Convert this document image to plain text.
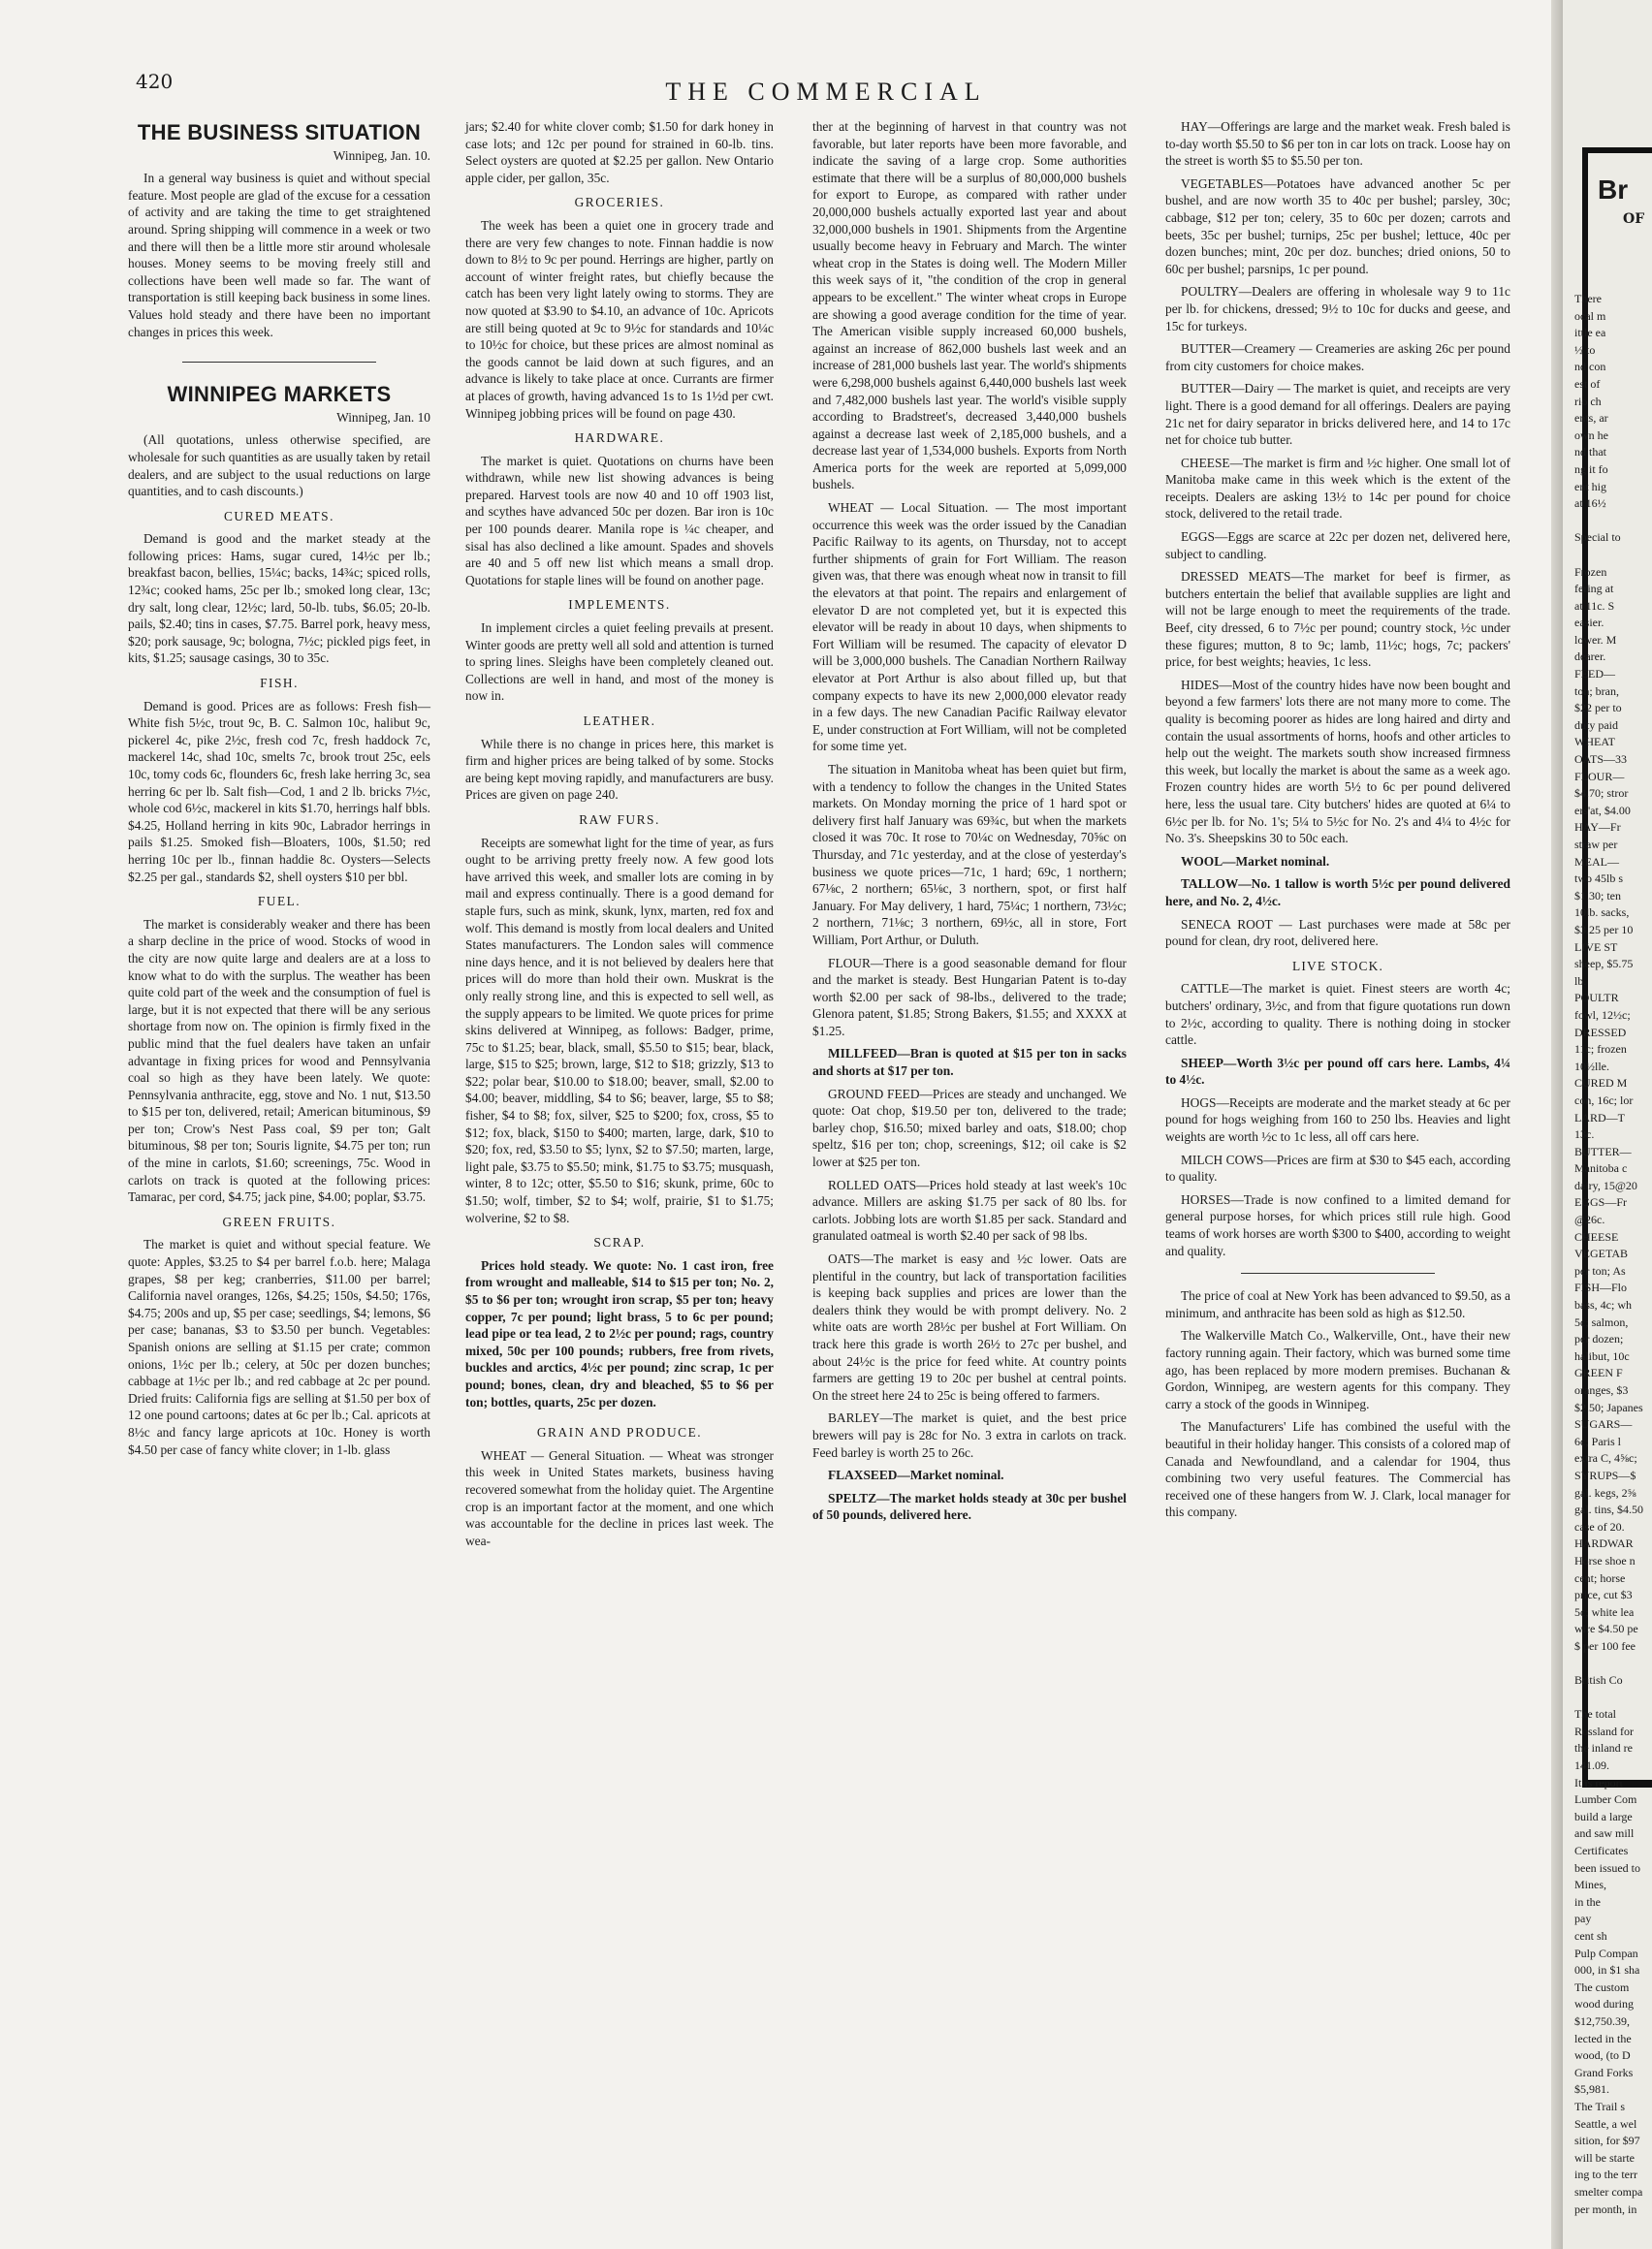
420	THE COMMERCIAL
THE BUSINESS SITUATION
Winnipeg, Jan. 10.

In a general way business is quiet and without special feature. Most people are glad of the excuse for a cessation of activity and are taking the time to get straightened around. Spring shipping will commence in a week or two and there will then be a little more stir around wholesale houses. Money seems to be moving freely still and collections have been well made so far. The want of transportation is still keeping back business in some lines. Values hold steady and there have been no important changes in prices this week.

WINNIPEG MARKETS
Winnipeg, Jan. 10

(All quotations, unless otherwise specified, are wholesale for such quantities as are usually taken by retail dealers, and are subject to the usual reductions on large quantities, and to cash discounts.)

CURED MEATS.

Demand is good and the market steady at the following prices: Hams, sugar cured, 14½c per lb.; breakfast bacon, bellies, 15¼c; backs, 14¾c; spiced rolls, 12¾c; cooked hams, 25c per lb.; smoked long clear, 13c; dry salt, long clear, 12½c; lard, 50-lb. tubs, $6.05; 20-lb. pails, $2.40; tins in cases, $7.75. Barrel pork, heavy mess, $20; pork sausage, 9c; bologna, 7½c; pickled pigs feet, in kits, $1.25; sausage casings, 30 to 35c.

FISH.

Demand is good. Prices are as follows: Fresh fish—White fish 5½c, trout 9c, B. C. Salmon 10c, halibut 9c, pickerel 4c, pike 2½c, fresh cod 7c, fresh haddock 7c, mackerel 14c, shad 10c, smelts 7c, brook trout 25c, eels 10c, tomy cods 6c, flounders 6c, fresh lake herring 3c, sea herring 6c per lb. Salt fish—Cod, 1 and 2 lb. bricks 7½c, whole cod 6½c, mackerel in kits $1.70, herrings half bbls. $4.25, Holland herring in kits 90c, Labrador herrings in pails $1.25. Smoked fish—Bloaters, 100s, $1.50; red herring 10c per lb., finnan haddie 8c. Oysters—Selects $2.25 per gal., standards $2, shell oysters $10 per bbl.

FUEL.

The market is considerably weaker and there has been a sharp decline in the price of wood. Stocks of wood in the city are now quite large and dealers are at a loss to know what to do with the surplus. The weather has been quite cold part of the week and the consumption of fuel is large, but it is not expected that there will be any serious shortage from now on. The opinion is firmly fixed in the public mind that the fuel dealers have taken an unfair advantage in fixing prices for wood and Pennsylvania coal so high as they have been lately. We quote: Pennsylvania anthracite, egg, stove and No. 1 nut, $13.50 to $15 per ton, delivered, retail; American bituminous, $9 per ton; Crow's Nest Pass coal, $9 per ton; Galt bituminous, $8 per ton; Souris lignite, $4.75 per ton; run of the mine in carlots, $1.60; screenings, 75c. Wood in carlots on track is quoted at the following prices: Tamarac, per cord, $4.75; jack pine, $4.00; poplar, $3.75.

GREEN FRUITS.

The market is quiet and without special feature. We quote: Apples, $3.25 to $4 per barrel f.o.b. here; Malaga grapes, $8 per keg; cranberries, $11.00 per barrel; California navel oranges, 126s, $4.25; 150s, $4.50; 176s, $4.75; 200s and up, $5 per case; seedlings, $4; lemons, $6 per case; bananas, $3 to $3.50 per bunch. Vegetables: Spanish onions are selling at $1.15 per crate; common onions, 1½c per lb.; celery, at 50c per dozen bunches; cabbage at 1½c per lb.; and red cabbage at 2c per pound. Dried fruits: California figs are selling at $1.50 per box of 12 one pound cartoons; dates at 6c per lb.; Cal. apricots at 8½c and fancy large apricots at 10c. Honey is worth $4.50 per case of fancy white clover; in 1-lb. glass

jars; $2.40 for white clover comb; $1.50 for dark honey in case lots; and 12c per pound for strained in 60-lb. tins. Select oysters are quoted at $2.25 per gallon. New Ontario apple cider, per gallon, 35c.

GROCERIES.

The week has been a quiet one in grocery trade and there are very few changes to note. Finnan haddie is now down to 8½ to 9c per pound. Herrings are higher, partly on account of winter freight rates, but chiefly because the catch has been very light lately owing to storms. They are now quoted at $3.90 to $4.10, an advance of 10c. Apricots are still being quoted at 9c to 9½c for standards and 10¼c to 10½c for choice, but these prices are almost nominal as the goods cannot be laid down at such figures, and an advance is likely to take place at once. Currants are firmer at places of growth, having advanced 1s to 1s 1½d per cwt. Winnipeg jobbing prices will be found on page 430.

HARDWARE.

The market is quiet. Quotations on churns have been withdrawn, while new list showing advances is being prepared. Harvest tools are now 40 and 10 off 1903 list, and scythes have advanced 50c per dozen. Bar iron is 10c per 100 pounds dearer. Manila rope is ¼c cheaper, and sisal has also declined a like amount. Spades and shovels are 40 and 5 off new list which means a small drop. Quotations for staple lines will be found on another page.

IMPLEMENTS.

In implement circles a quiet feeling prevails at present. Winter goods are pretty well all sold and attention is turned to spring lines. Sleighs have been completely cleaned out. Collections are well in hand, and most of the money is now in.

LEATHER.

While there is no change in prices here, this market is firm and higher prices are being talked of by some. Stocks are being kept moving rapidly, and manufacturers are busy. Prices are given on page 240.

RAW FURS.

Receipts are somewhat light for the time of year, as furs ought to be arriving pretty freely now. A few good lots have arrived this week, and smaller lots are coming in by mail and express continually. There is a good demand for staple furs, such as mink, skunk, lynx, marten, red fox and wolf. This demand is mostly from local dealers and United States manufacturers. The London sales will commence nine days hence, and it is not believed by dealers here that prices will do more than hold their own. Muskrat is the only really strong line, and this is expected to sell well, as the supply appears to be limited. We quote prices for prime skins delivered at Winnipeg, as follows: Badger, prime, 75c to $1.25; bear, black, small, $5.50 to $15; bear, black, large, $15 to $25; brown, large, $12 to $18; grizzly, $13 to $22; polar bear, $10.00 to $18.00; beaver, small, $2.00 to $4.00; beaver, middling, $4 to $6; beaver, large, $5 to $8; fisher, $4 to $8; fox, silver, $25 to $200; fox, cross, $5 to $12; fox, black, $150 to $400; marten, large, dark, $10 to $20; fox, red, $3.50 to $5; lynx, $2 to $7.50; marten, large, light pale, $3.75 to $5.50; mink, $1.75 to $3.75; musquash, winter, 8 to 12c; otter, $5.50 to $16; skunk, prime, 60c to $1.50; wolf, timber, $2 to $4; wolf, prairie, $1 to $1.75; wolverine, $2 to $8.

SCRAP.

Prices hold steady. We quote: No. 1 cast iron, free from wrought and malleable, $14 to $15 per ton; No. 2, $5 to $6 per ton; wrought iron scrap, $5 per ton; heavy copper, 7c per pound; light brass, 5 to 6c per pound; lead pipe or tea lead, 2 to 2½c per pound; rags, country mixed, 50c per 100 pounds; rubbers, free from rivets, buckles and arctics, 4½c per pound; zinc scrap, 1c per pound; bones, clean, dry and bleached, $5 to $6 per ton; bottles, quarts, 25c per dozen.

GRAIN AND PRODUCE.

WHEAT — General Situation. — Wheat was stronger this week in United States markets, business having recovered somewhat from the holiday quiet. The Argentine crop is an important factor at the moment, and one which was accountable for the decline in prices last week. The wea-

ther at the beginning of harvest in that country was not favorable, but later reports have been more favorable, and indicate the saving of a large crop. Some authorities estimate that there will be a surplus of 80,000,000 bushels for export to Europe, as compared with rather under 20,000,000 bushels actually exported last year and about 32,000,000 bushels in 1901. Shipments from the Argentine usually become heavy in February and March. The winter wheat crop in the States is doing well. The Modern Miller this week says of it, "the condition of the crop in general appears to be excellent." The winter wheat crops in Europe are showing a good average condition for the time of year. The American visible supply increased 60,000 bushels, against an increase of 862,000 bushels last week and an increase of 281,000 bushels last year. The world's shipments were 6,298,000 bushels against 6,440,000 bushels last week and 7,482,000 bushels last year. The world's visible supply according to Bradstreet's, decreased 3,440,000 bushels against a decrease last week of 2,185,000 bushels, and a decrease last year of 1,534,000 bushels. Exports from North America ports for the week are reported at 5,099,000 bushels.

WHEAT — Local Situation. — The most important occurrence this week was the order issued by the Canadian Pacific Railway to its agents, on Thursday, not to accept further shipments of grain for Fort William. The reason given was, that there was enough wheat now in transit to fill the elevators at that point. The repairs and enlargement of elevator D are not completed yet, but it is expected this elevator will be ready in about 10 days, when shipments to Fort William will be resumed. The capacity of elevator D will be 3,000,000 bushels. The Canadian Northern Railway elevator at Port Arthur is also about filled up, but that company expects to have its new 2,000,000 elevator ready in a few days. The new Canadian Pacific Railway elevator E, under construction at Fort William, will not be completed for some time yet.

The situation in Manitoba wheat has been quiet but firm, with a tendency to follow the changes in the United States markets. On Monday morning the price of 1 hard spot or delivery first half January was 69¾c, but when the markets closed it was 70c. It rose to 70¼c on Wednesday, 70⅝c on Thursday, and 71c yesterday, and at the close of yesterday's business we quote prices—71c, 1 hard; 69c, 1 northern; 67⅛c, 2 northern; 65⅛c, 3 northern, spot, or first half January. For May delivery, 1 hard, 75¼c; 1 northern, 73½c; 2 northern, 71⅛c; 3 northern, 69½c, all in store, Fort William, Port Arthur, or Duluth.

FLOUR—There is a good seasonable demand for flour and the market is steady. Best Hungarian Patent is to-day worth $2.00 per sack of 98-lbs., delivered to the trade; Glenora patent, $1.85; Strong Bakers, $1.55; and XXXX at $1.25.

MILLFEED—Bran is quoted at $15 per ton in sacks and shorts at $17 per ton.

GROUND FEED—Prices are steady and unchanged. We quote: Oat chop, $19.50 per ton, delivered to the trade; barley chop, $16.50; mixed barley and oats, $18.00; chop speltz, $16 per ton; chop, screenings, $12; oil cake is $2 lower at $25 per ton.

ROLLED OATS—Prices hold steady at last week's 10c advance. Millers are asking $1.75 per sack of 80 lbs. for carlots. Jobbing lots are worth $1.85 per sack. Standard and granulated oatmeal is worth $2.40 per sack of 98 lbs.

OATS—The market is easy and ½c lower. Oats are plentiful in the country, but lack of transportation facilities is keeping back supplies and prices are lower than the dealers think they would be with prompt delivery. No. 2 white oats are worth 28½c per bushel at Fort William. On track here this grade is worth 26½ to 27c per bushel, and about 24½c is the price for feed white. At country points farmers are getting 19 to 20c per bushel at central points. On the street here 24 to 25c is being offered to farmers.

BARLEY—The market is quiet, and the best price brewers will pay is 28c for No. 3 extra in carlots on track. Feed barley is worth 25 to 26c.

FLAXSEED—Market nominal.

SPELTZ—The market holds steady at 30c per bushel of 50 pounds, delivered here.

HAY—Offerings are large and the market weak. Fresh baled is to-day worth $5.50 to $6 per ton in car lots on track. Loose hay on the street is worth $5 to $5.50 per ton.

VEGETABLES—Potatoes have advanced another 5c per bushel, and are now worth 35 to 40c per bushel; parsley, 30c; cabbage, $12 per ton; celery, 35 to 60c per dozen; carrots and beets, 35c per bushel; turnips, 25c per bushel; lettuce, 40c per dozen bunches; mint, 20c per doz. bunches; dried onions, 50 to 60c per bushel; parsnips, 1c per pound.

POULTRY—Dealers are offering in wholesale way 9 to 11c per lb. for chickens, dressed; 9½ to 10c for ducks and geese, and 15c for turkeys.

BUTTER—Creamery — Creameries are asking 26c per pound from city customers for choice makes.

BUTTER—Dairy — The market is quiet, and receipts are very light. There is a good demand for all offerings. Dealers are paying 21c net for dairy separator in bricks delivered here, and 14 to 17c net for choice tub butter.

CHEESE—The market is firm and ½c higher. One small lot of Manitoba make came in this week which is the extent of the receipts. Dealers are asking 13½ to 14c per pound for choice stock, delivered to the retail trade.

EGGS—Eggs are scarce at 22c per dozen net, delivered here, subject to candling.

DRESSED MEATS—The market for beef is firmer, as butchers entertain the belief that available supplies are light and will not be large enough to meet the requirements of the trade. Beef, city dressed, 6 to 7½c per pound; country stock, ½c under these figures; mutton, 8 to 9c; lamb, 11½c; hogs, 7c; packers' price, for best weights; heavies, 1c less.

HIDES—Most of the country hides have now been bought and beyond a few farmers' lots there are not many more to come. The quality is becoming poorer as hides are long haired and dirty and contain the usual assortments of horns, hoofs and other articles to help out the weight. The markets south show increased firmness this week, but locally the market is about the same as a week ago. Frozen country hides are worth 5½ to 6c per pound delivered here, less the usual tare. City butchers' hides are quoted at 6¼ to 6½c per lb. for No. 1's; 5¼ to 5½c for No. 2's and 4¼ to 4½c for No. 3's. Sheepskins 30 to 50c each.

WOOL—Market nominal.

TALLOW—No. 1 tallow is worth 5½c per pound delivered here, and No. 2, 4½c.

SENECA ROOT — Last purchases were made at 58c per pound for clean, dry root, delivered here.

LIVE STOCK.

CATTLE—The market is quiet. Finest steers are worth 4c; butchers' ordinary, 3½c, and from that figure quotations run down to 2½c, according to quality. There is nothing doing in stocker cattle.

SHEEP—Worth 3½c per pound off cars here. Lambs, 4¼ to 4½c.

HOGS—Receipts are moderate and the market steady at 6c per pound for hogs weighing from 160 to 250 lbs. Heavies and light weights are worth ½c to 1c less, all off cars here.

MILCH COWS—Prices are firm at $30 to $45 each, according to quality.

HORSES—Trade is now confined to a limited demand for general purpose horses, for which prices still rule high. Good teams of work horses are worth $300 to $400, according to weight and quality.

The price of coal at New York has been advanced to $9.50, as a minimum, and anthracite has been sold as high as $12.50.

The Walkerville Match Co., Walkerville, Ont., have their new factory running again. Their factory, which was burned some time ago, has been replaced by more modern premises. Buchanan & Gordon, Winnipeg, are western agents for this company. They carry a stock of the goods in Winnipeg.

The Manufacturers' Life has combined the useful with the beautiful in their holiday hanger. This consists of a colored map of Canada and Newfoundland, and a calendar for 1904, thus combining two very useful features. The Commercial has received one of these hangers from W. J. Clark, local manager for this company.

Br
OF
There
ocal m
ittle ea
½ to
nd con
est of
rio ch
ents, ar
own he
nd that
ng it fo
ent hig
at 16½

Special to

Frozen
fering at
at 11c. S
easier.
lower. M
dearer.
FEED—
ton; bran,
$22 per to
duty paid
WHEAT
OATS—33
FLOUR—
$4.70; stror
ers'at, $4.00
HAY—Fr
straw per
MEAL—
two 45lb s
$1.30; ten
10lb. sacks,
$3.25 per 10
LIVE ST
sheep, $5.75
lb.
POULTR
fowl, 12½c;
DRESSED
11c; frozen
10½lle.
CURED M
con, 16c; lor
LARD—T
13c.
BUTTER—
Manitoba c
dairy, 15@20
EGGS—Fr
@26c.
CHEESE
VEGETAB
per ton; As
FISH—Flo
bass, 4c; wh
5c; salmon,
per dozen;
halibut, 10c
GREEN F
oranges, $3
$2.50; Japanes
SUGARS—
6c; Paris l
extra C, 4⅝c;
SYRUPS—$
gal. kegs, 2⅝
gal. tins, $4.50
case of 20.
HARDWAR
Horse shoe n
cent; horse
price, cut $3
5c; white lea
wire $4.50 pe
$ per 100 fee

British Co

The total
Rossland for
the inland re
141.09.
It is report
Lumber Com
build a large
and saw mill
Certificates
been issued to
Mines,
in the
pay
cent sh
Pulp Compan
000, in $1 sha
The custom
wood during
$12,750.39,
lected in the
wood, (to D
Grand Forks
$5,981.
The Trail s
Seattle, a wel
sition, for $97
will be starte
ing to the terr
smelter compa
per month, in
